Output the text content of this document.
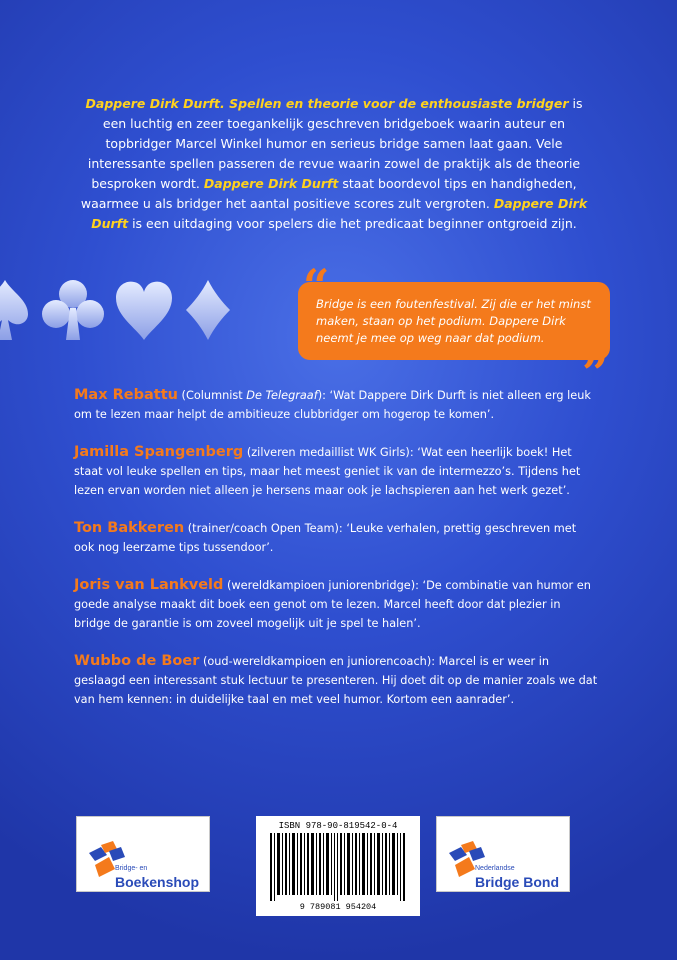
Dappere Dirk Durft. Spellen en theorie voor de enthousiaste bridger is een luchtig en zeer toegankelijk geschreven bridgeboek waarin auteur en topbridger Marcel Winkel humor en serieus bridge samen laat gaan. Vele interessante spellen passeren de revue waarin zowel de praktijk als de theorie besproken wordt. Dappere Dirk Durft staat boordevol tips en handigheden, waarmee u als bridger het aantal positieve scores zult vergroten. Dappere Dirk Durft is een uitdaging voor spelers die het predicaat beginner ontgroeid zijn.
Bridge is een foutenfestival. Zij die er het minst maken, staan op het podium. Dappere Dirk neemt je mee op weg naar dat podium.
“
”
Max Rebattu (Columnist De Telegraaf): ‘Wat Dappere Dirk Durft is niet alleen erg leuk om te lezen maar helpt de ambitieuze clubbridger om hogerop te komen’.
Jamilla Spangenberg (zilveren medaillist WK Girls): ‘Wat een heerlijk boek! Het staat vol leuke spellen en tips, maar het meest geniet ik van de intermezzo’s. Tijdens het lezen ervan worden niet alleen je hersens maar ook je lachspieren aan het werk gezet’.
Ton Bakkeren (trainer/coach Open Team): ‘Leuke verhalen, prettig geschreven met ook nog leerzame tips tussendoor’.
Joris van Lankveld (wereldkampioen juniorenbridge): ‘De combinatie van humor en goede analyse maakt dit boek een genot om te lezen. Marcel heeft door dat plezier in bridge de garantie is om zoveel mogelijk uit je spel te halen’.
Wubbo de Boer (oud-wereldkampioen en juniorencoach): Marcel is er weer in geslaagd een interessant stuk lectuur te presenteren. Hij doet dit op de manier zoals we dat van hem kennen: in duidelijke taal en met veel humor. Kortom een aanrader’.
Bridge- en
Boekenshop
ISBN 978-90-819542-0-4
9 789081 954204
Nederlandse
Bridge Bond
